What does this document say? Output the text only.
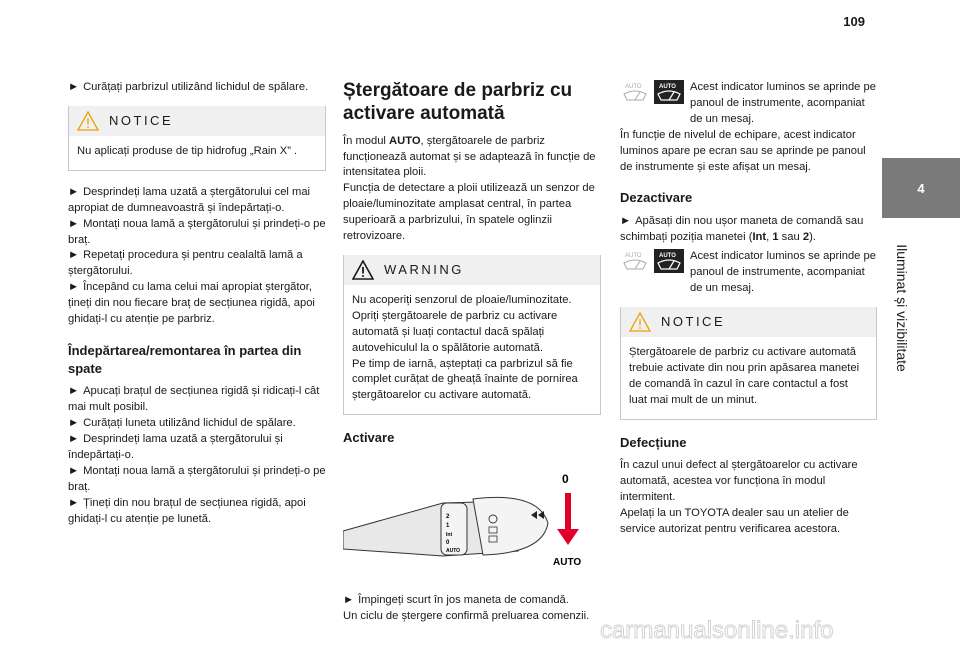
109
4
Iluminat și vizibilitate

► Curățați parbrizul utilizând lichidul de spălare.

NOTICE
Nu aplicați produse de tip hidrofug „Rain X” .

► Desprindeți lama uzată a ștergătorului cel mai apropiat de dumneavoastră și îndepărtați-o.
► Montați noua lamă a ștergătorului și prindeți-o pe braț.
► Repetați procedura și pentru cealaltă lamă a ștergătorului.
► Începând cu lama celui mai apropiat ștergător, țineți din nou fiecare braț de secțiunea rigidă, apoi ghidați-l cu atenție pe parbriz.

Îndepărtarea/remontarea în partea din spate

► Apucați brațul de secțiunea rigidă și ridicați-l cât mai mult posibil.
► Curățați luneta utilizând lichidul de spălare.
► Desprindeți lama uzată a ștergătorului și îndepărtați-o.
► Montați noua lamă a ștergătorului și prindeți-o pe braț.
► Țineți din nou brațul de secțiunea rigidă, apoi ghidați-l cu atenție pe lunetă.

Ștergătoare de parbriz cu activare automată

În modul AUTO, ștergătoarele de parbriz funcționează automat și se adaptează în funcție de intensitatea ploii.
Funcția de detectare a ploii utilizează un senzor de ploaie/luminozitate amplasat central, în partea superioară a parbrizului, în spatele oglinzii retrovizoare.

WARNING
Nu acoperiți senzorul de ploaie/luminozitate.
Opriți ștergătoarele de parbriz cu activare automată și luați contactul dacă spălați autovehiculul la o spălătorie automată.
Pe timp de iarnă, așteptați ca parbrizul să fie complet curățat de gheață înainte de pornirea ștergătoarelor cu activare automată.
Activare
2
1
Int
0
AUTO
0
AUTO

► Împingeți scurt în jos maneta de comandă.
Un ciclu de ștergere confirmă preluarea comenzii.

AUTO	AUTO Acest indicator luminos se aprinde pe panoul de instrumente, acompaniat de un mesaj.

În funcție de nivelul de echipare, acest indicator luminos apare pe ecran sau se aprinde pe panoul de instrumente și este afișat un mesaj.

Dezactivare

► Apăsați din nou ușor maneta de comandă sau schimbați poziția manetei (Int, 1 sau 2).

AUTO	AUTO Acest indicator luminos se aprinde pe panoul de instrumente, acompaniat de un mesaj.
NOTICE
Ștergătoarele de parbriz cu activare automată trebuie activate din nou prin apăsarea manetei de comandă în cazul în care contactul a fost luat mai mult de un minut.
Defecțiune

În cazul unui defect al ștergătoarelor cu activare automată, acestea vor funcționa în modul intermitent.
Apelați la un TOYOTA dealer sau un atelier de service autorizat pentru verificarea acestora.

carmanualsonline.info
